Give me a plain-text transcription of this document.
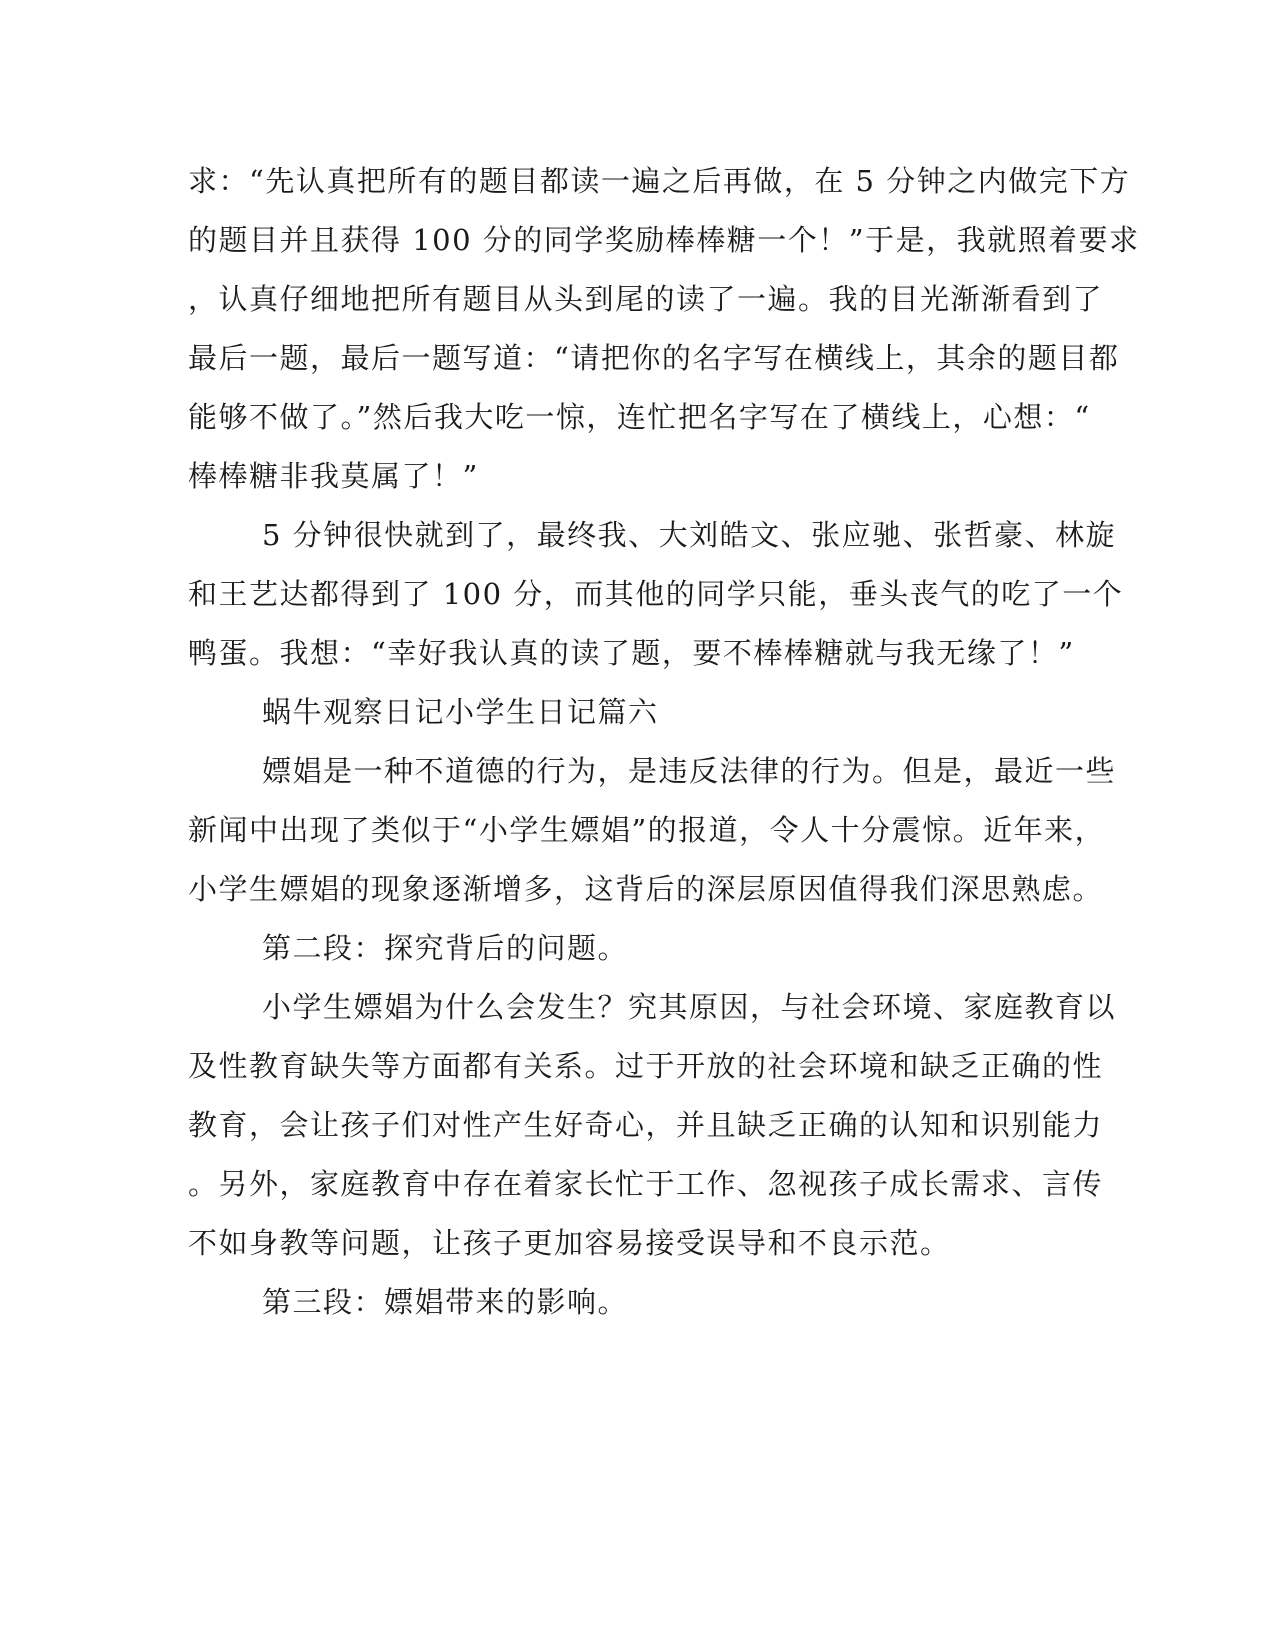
求：“先认真把所有的题目都读一遍之后再做，在 5 分钟之内做完下方
的题目并且获得 100 分的同学奖励棒棒糖一个！”于是，我就照着要求
，认真仔细地把所有题目从头到尾的读了一遍。我的目光渐渐看到了
最后一题，最后一题写道：“请把你的名字写在横线上，其余的题目都
能够不做了。”然后我大吃一惊，连忙把名字写在了横线上，心想：“
棒棒糖非我莫属了！”
5 分钟很快就到了，最终我、大刘皓文、张应驰、张哲豪、林旋
和王艺达都得到了 100 分，而其他的同学只能，垂头丧气的吃了一个
鸭蛋。我想：“幸好我认真的读了题，要不棒棒糖就与我无缘了！”
蜗牛观察日记小学生日记篇六
嫖娼是一种不道德的行为，是违反法律的行为。但是，最近一些
新闻中出现了类似于“小学生嫖娼”的报道，令人十分震惊。近年来，
小学生嫖娼的现象逐渐增多，这背后的深层原因值得我们深思熟虑。
第二段：探究背后的问题。
小学生嫖娼为什么会发生？究其原因，与社会环境、家庭教育以
及性教育缺失等方面都有关系。过于开放的社会环境和缺乏正确的性
教育，会让孩子们对性产生好奇心，并且缺乏正确的认知和识别能力
。另外，家庭教育中存在着家长忙于工作、忽视孩子成长需求、言传
不如身教等问题，让孩子更加容易接受误导和不良示范。
第三段：嫖娼带来的影响。
